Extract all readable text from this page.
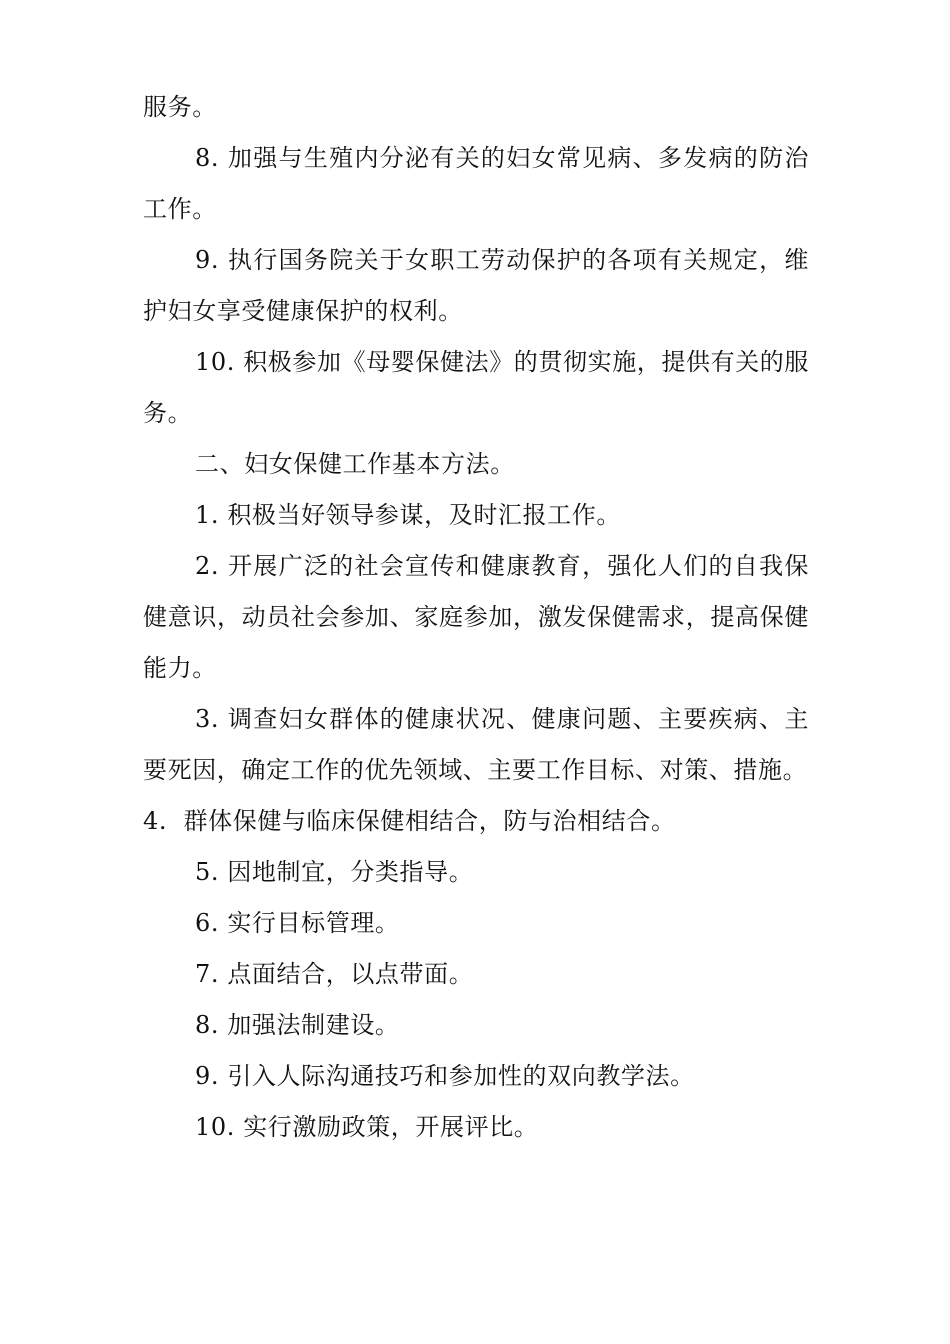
服务。

8. 加强与生殖内分泌有关的妇女常见病、多发病的防治工作。

9. 执行国务院关于女职工劳动保护的各项有关规定，维护妇女享受健康保护的权利。

10. 积极参加《母婴保健法》的贯彻实施，提供有关的服务。

二、妇女保健工作基本方法。

1. 积极当好领导参谋，及时汇报工作。

2. 开展广泛的社会宣传和健康教育，强化人们的自我保健意识，动员社会参加、家庭参加，激发保健需求，提高保健能力。

3. 调查妇女群体的健康状况、健康问题、主要疾病、主要死因，确定工作的优先领域、主要工作目标、对策、措施。

4.  群体保健与临床保健相结合，防与治相结合。

5. 因地制宜，分类指导。

6. 实行目标管理。

7. 点面结合，以点带面。

8. 加强法制建设。

9. 引入人际沟通技巧和参加性的双向教学法。

10. 实行激励政策，开展评比。
